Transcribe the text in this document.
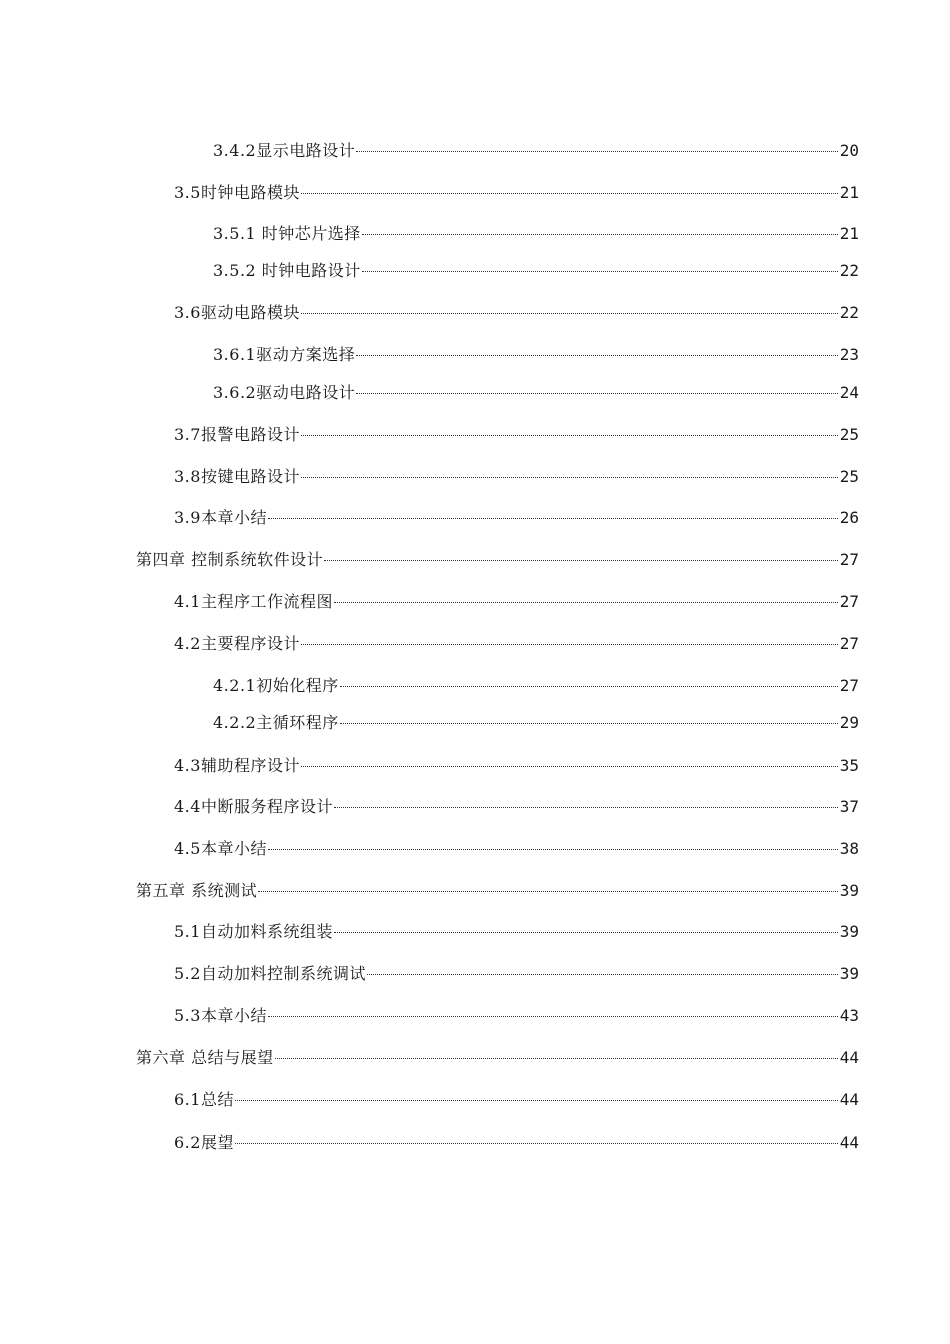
3.4.2显示电路设计	20
3.5时钟电路模块	21
3.5.1 时钟芯片选择	21
3.5.2 时钟电路设计	22
3.6驱动电路模块	22
3.6.1驱动方案选择	23
3.6.2驱动电路设计	24
3.7报警电路设计	25
3.8按键电路设计	25
3.9本章小结	26
第四章 控制系统软件设计	27
4.1主程序工作流程图	27
4.2主要程序设计	27
4.2.1初始化程序	27
4.2.2主循环程序	29
4.3辅助程序设计	35
4.4中断服务程序设计	37
4.5本章小结	38
第五章 系统测试	39
5.1自动加料系统组装	39
5.2自动加料控制系统调试	39
5.3本章小结	43
第六章 总结与展望	44
6.1总结	44
6.2展望	44
